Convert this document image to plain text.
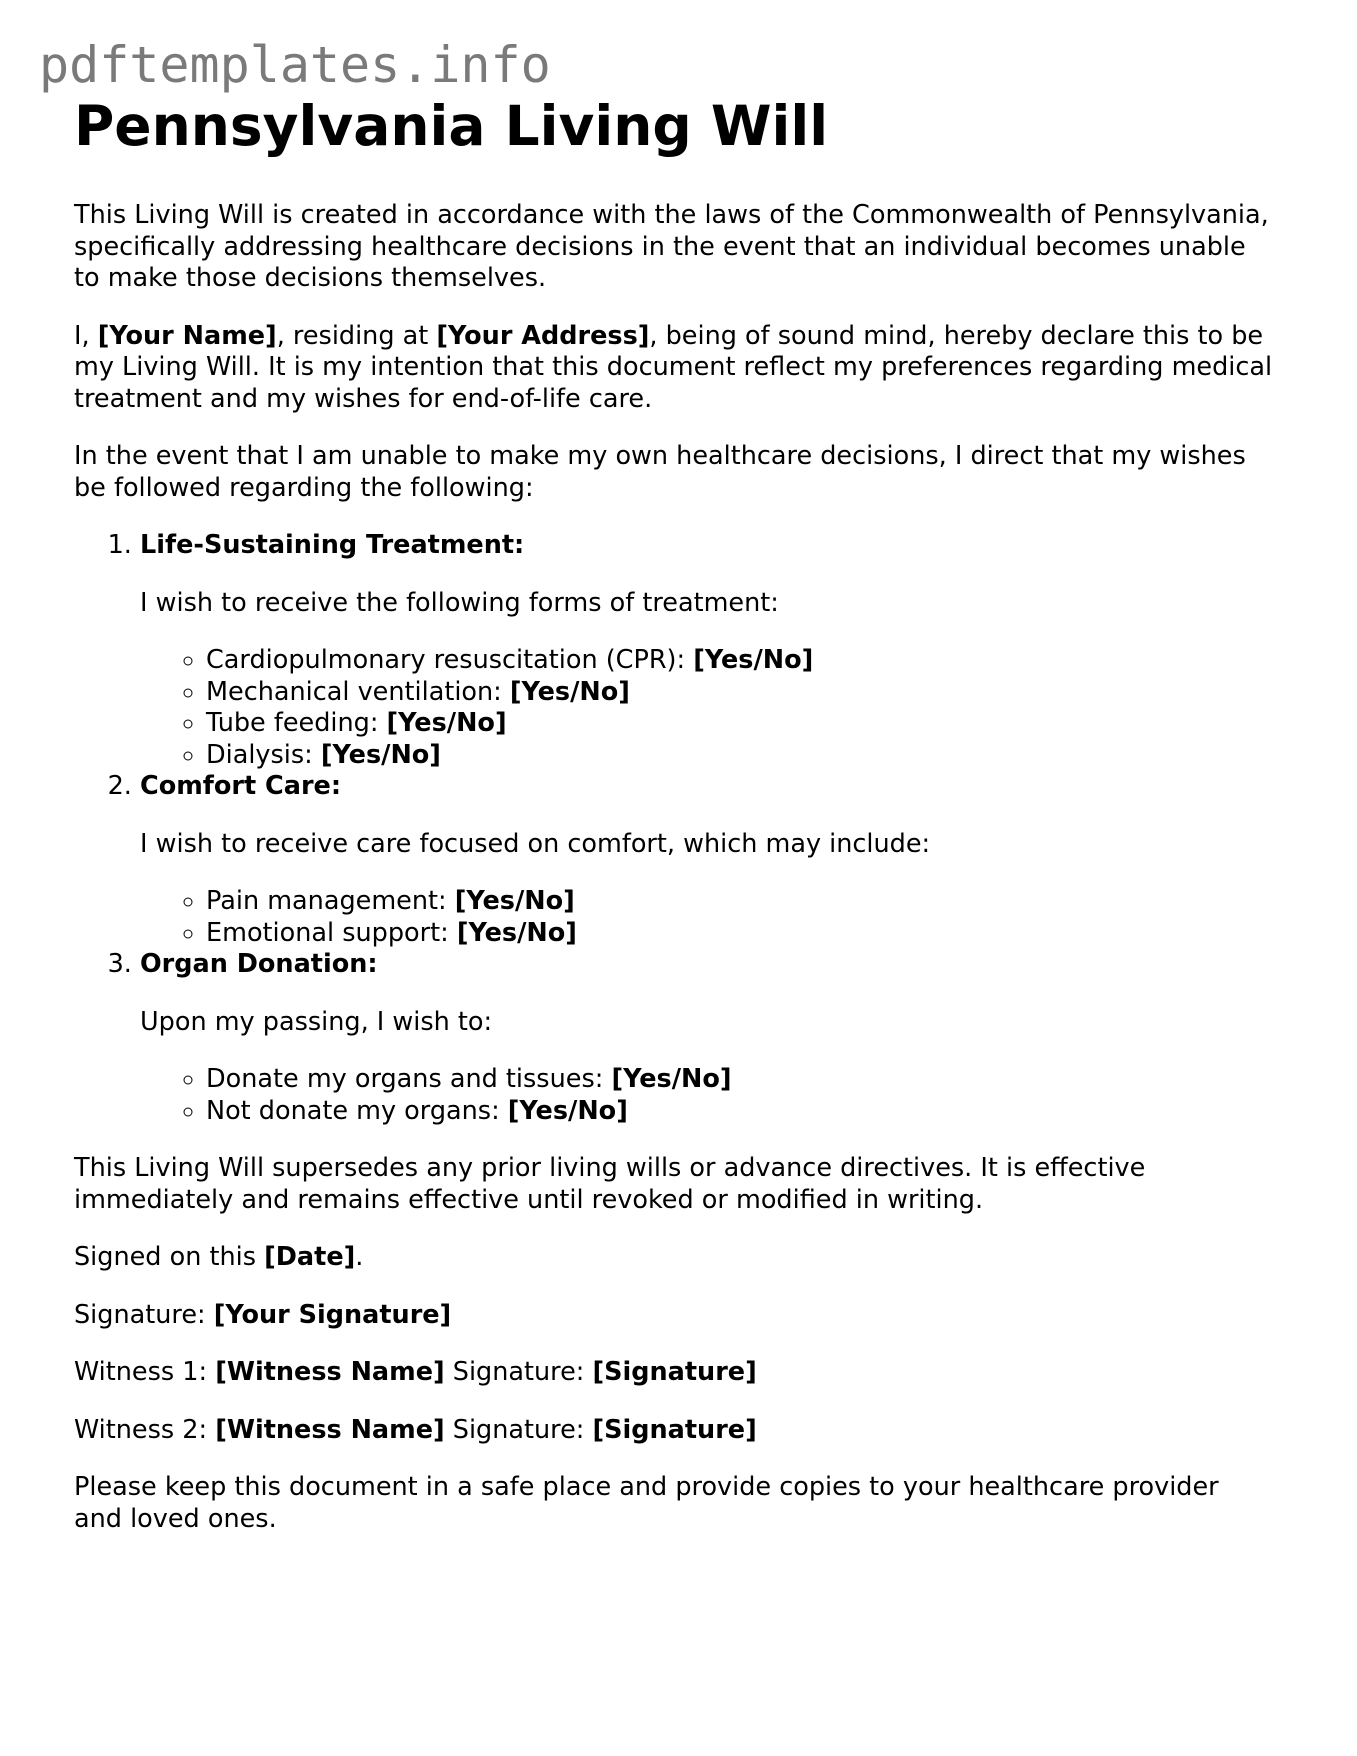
pdftemplates.info
Pennsylvania Living Will

This Living Will is created in accordance with the laws of the Commonwealth of Pennsylvania, specifically addressing healthcare decisions in the event that an individual becomes unable to make those decisions themselves.

I, [Your Name], residing at [Your Address], being of sound mind, hereby declare this to be my Living Will. It is my intention that this document reflect my preferences regarding medical treatment and my wishes for end-of-life care.

In the event that I am unable to make my own healthcare decisions, I direct that my wishes be followed regarding the following:

1. Life-Sustaining Treatment:

I wish to receive the following forms of treatment:

◦ Cardiopulmonary resuscitation (CPR): [Yes/No]
◦ Mechanical ventilation: [Yes/No]
◦ Tube feeding: [Yes/No]
◦ Dialysis: [Yes/No]
2. Comfort Care:

I wish to receive care focused on comfort, which may include:

◦ Pain management: [Yes/No]
◦ Emotional support: [Yes/No]
3. Organ Donation:

Upon my passing, I wish to:

◦ Donate my organs and tissues: [Yes/No]
◦ Not donate my organs: [Yes/No]

This Living Will supersedes any prior living wills or advance directives. It is effective immediately and remains effective until revoked or modified in writing.

Signed on this [Date].

Signature: [Your Signature]

Witness 1: [Witness Name] Signature: [Signature]

Witness 2: [Witness Name] Signature: [Signature]

Please keep this document in a safe place and provide copies to your healthcare provider and loved ones.
